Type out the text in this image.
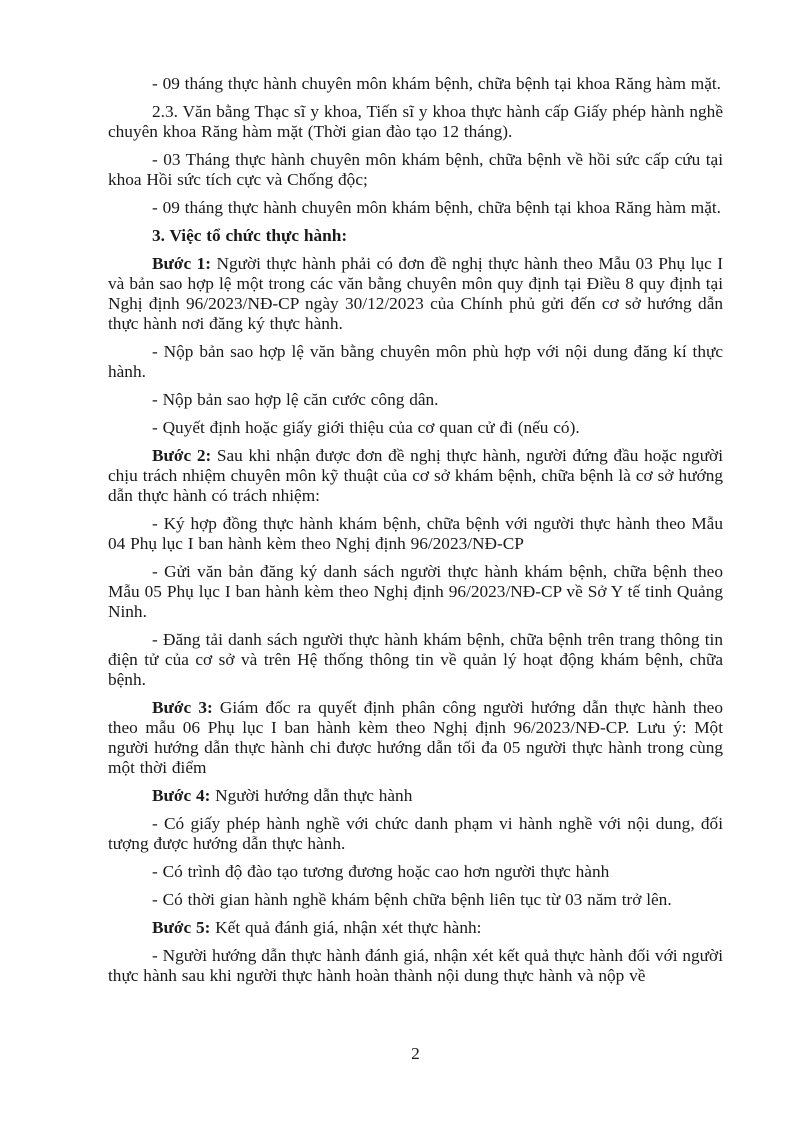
- 09 tháng thực hành chuyên môn khám bệnh, chữa bệnh tại khoa Răng hàm mặt.

2.3. Văn bằng Thạc sĩ y khoa, Tiến sĩ y khoa thực hành cấp Giấy phép hành nghề chuyên khoa Răng hàm mặt (Thời gian đào tạo 12 tháng).

- 03 Tháng thực hành chuyên môn khám bệnh, chữa bệnh về hồi sức cấp cứu tại khoa Hồi sức tích cực và Chống độc;

- 09 tháng thực hành chuyên môn khám bệnh, chữa bệnh tại khoa Răng hàm mặt.

3. Việc tổ chức thực hành:

Bước 1: Người thực hành phải có đơn đề nghị thực hành theo Mẫu 03 Phụ lục I và bản sao hợp lệ một trong các văn bằng chuyên môn quy định tại Điều 8 quy định tại Nghị định 96/2023/NĐ-CP ngày 30/12/2023 của Chính phủ gửi đến cơ sở hướng dẫn thực hành nơi đăng ký thực hành.

- Nộp bản sao hợp lệ văn bằng chuyên môn phù hợp với nội dung đăng kí thực hành.

- Nộp bản sao hợp lệ căn cước công dân.

- Quyết định hoặc giấy giới thiệu của cơ quan cử đi (nếu có).

Bước 2: Sau khi nhận được đơn đề nghị thực hành, người đứng đầu hoặc người chịu trách nhiệm chuyên môn kỹ thuật của cơ sở khám bệnh, chữa bệnh là cơ sở hướng dẫn thực hành có trách nhiệm:

- Ký hợp đồng thực hành khám bệnh, chữa bệnh với người thực hành theo Mẫu 04 Phụ lục I ban hành kèm theo Nghị định 96/2023/NĐ-CP

- Gửi văn bản đăng ký danh sách người thực hành khám bệnh, chữa bệnh theo Mẫu 05 Phụ lục I ban hành kèm theo Nghị định 96/2023/NĐ-CP về Sở Y tế tinh Quảng Ninh.

- Đăng tải danh sách người thực hành khám bệnh, chữa bệnh trên trang thông tin điện tử của cơ sở và trên Hệ thống thông tin về quản lý hoạt động khám bệnh, chữa bệnh.

Bước 3: Giám đốc ra quyết định phân công người hướng dẫn thực hành theo theo mẫu 06 Phụ lục I ban hành kèm theo Nghị định 96/2023/NĐ-CP. Lưu ý: Một người hướng dẫn thực hành chi được hướng dẫn tối đa 05 người thực hành trong cùng một thời điểm

Bước 4: Người hướng dẫn thực hành

- Có giấy phép hành nghề với chức danh phạm vi hành nghề với nội dung, đối tượng được hướng dẫn thực hành.

- Có trình độ đào tạo tương đương hoặc cao hơn người thực hành

- Có thời gian hành nghề khám bệnh chữa bệnh liên tục từ 03 năm trở lên.

Bước 5: Kết quả đánh giá, nhận xét thực hành:

- Người hướng dẫn thực hành đánh giá, nhận xét kết quả thực hành đối với người thực hành sau khi người thực hành hoàn thành nội dung thực hành và nộp về

2
